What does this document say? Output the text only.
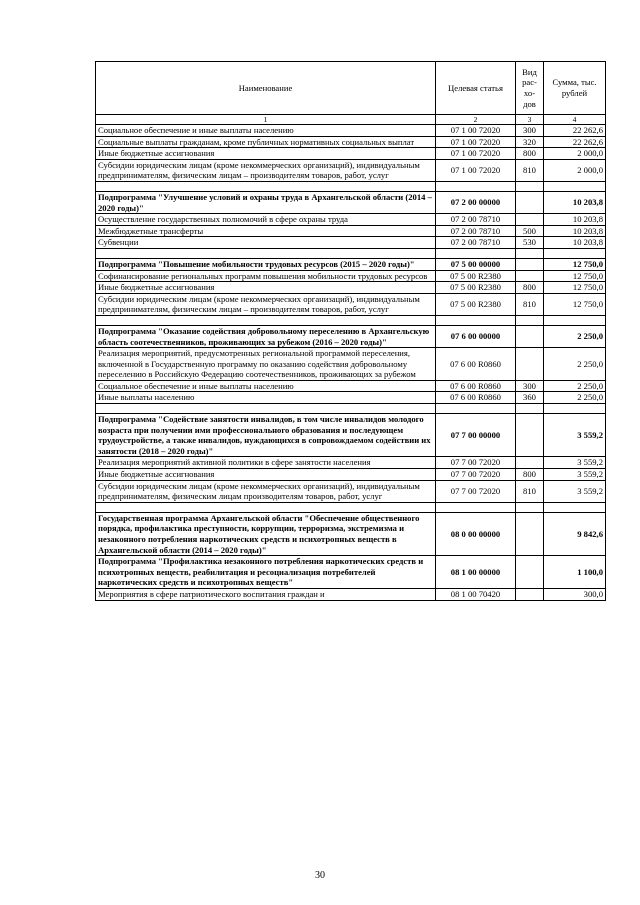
Наименование	Целевая статья	Вид рас-хо-дов	Сумма, тыс. рублей
1	2	3	4
Социальное обеспечение и иные выплаты населению	07 1 00 72020	300	22 262,6
Социальные выплаты гражданам, кроме публичных нормативных социальных выплат	07 1 00 72020	320	22 262,6
Иные бюджетные ассигнования	07 1 00 72020	800	2 000,0
Субсидии юридическим лицам (кроме некоммерческих организаций), индивидуальным предпринимателям, физическим лицам – производителям товаров, работ, услуг	07 1 00 72020	810	2 000,0

Подпрограмма "Улучшение условий и охраны труда в Архангельской области (2014 – 2020 годы)"	07 2 00 00000		10 203,8
Осуществление государственных полномочий в сфере охраны труда	07 2 00 78710		10 203,8
Межбюджетные трансферты	07 2 00 78710	500	10 203,8
Субвенции	07 2 00 78710	530	10 203,8

Подпрограмма "Повышение мобильности трудовых ресурсов (2015 – 2020 годы)"	07 5 00 00000		12 750,0
Софинансирование региональных программ повышения мобильности трудовых ресурсов	07 5 00 R2380		12 750,0
Иные бюджетные ассигнования	07 5 00 R2380	800	12 750,0
Субсидии юридическим лицам (кроме некоммерческих организаций), индивидуальным предпринимателям, физическим лицам – производителям товаров, работ, услуг	07 5 00 R2380	810	12 750,0

Подпрограмма "Оказание содействия добровольному переселению в Архангельскую область соотечественников, проживающих за рубежом (2016 – 2020 годы)"	07 6 00 00000		2 250,0
Реализация мероприятий, предусмотренных региональной программой переселения, включенной в Государственную программу по оказанию содействия добровольному переселению в Российскую Федерацию соотечественников, проживающих за рубежом	07 6 00 R0860		2 250,0
Социальное обеспечение и иные выплаты населению	07 6 00 R0860	300	2 250,0
Иные выплаты населению	07 6 00 R0860	360	2 250,0

Подпрограмма "Содействие занятости инвалидов, в том числе инвалидов молодого возраста при получении ими профессионального образования и последующем трудоустройстве, а также инвалидов, нуждающихся в сопровождаемом содействии их занятости (2018 – 2020 годы)"	07 7 00 00000		3 559,2
Реализация мероприятий активной политики в сфере занятости населения	07 7 00 72020		3 559,2
Иные бюджетные ассигнования	07 7 00 72020	800	3 559,2
Субсидии юридическим лицам (кроме некоммерческих организаций), индивидуальным предпринимателям, физическим лицам производителям товаров, работ, услуг	07 7 00 72020	810	3 559,2

Государственная программа Архангельской области "Обеспечение общественного порядка, профилактика преступности, коррупции, терроризма, экстремизма и незаконного потребления наркотических средств и психотропных веществ в Архангельской области (2014 – 2020 годы)"	08 0 00 00000		9 842,6
Подпрограмма "Профилактика незаконного потребления наркотических средств и психотропных веществ, реабилитация и ресоциализация потребителей наркотических средств и психотропных веществ"	08 1 00 00000		1 100,0
Мероприятия в сфере патриотического воспитания граждан и	08 1 00 70420		300,0
30
